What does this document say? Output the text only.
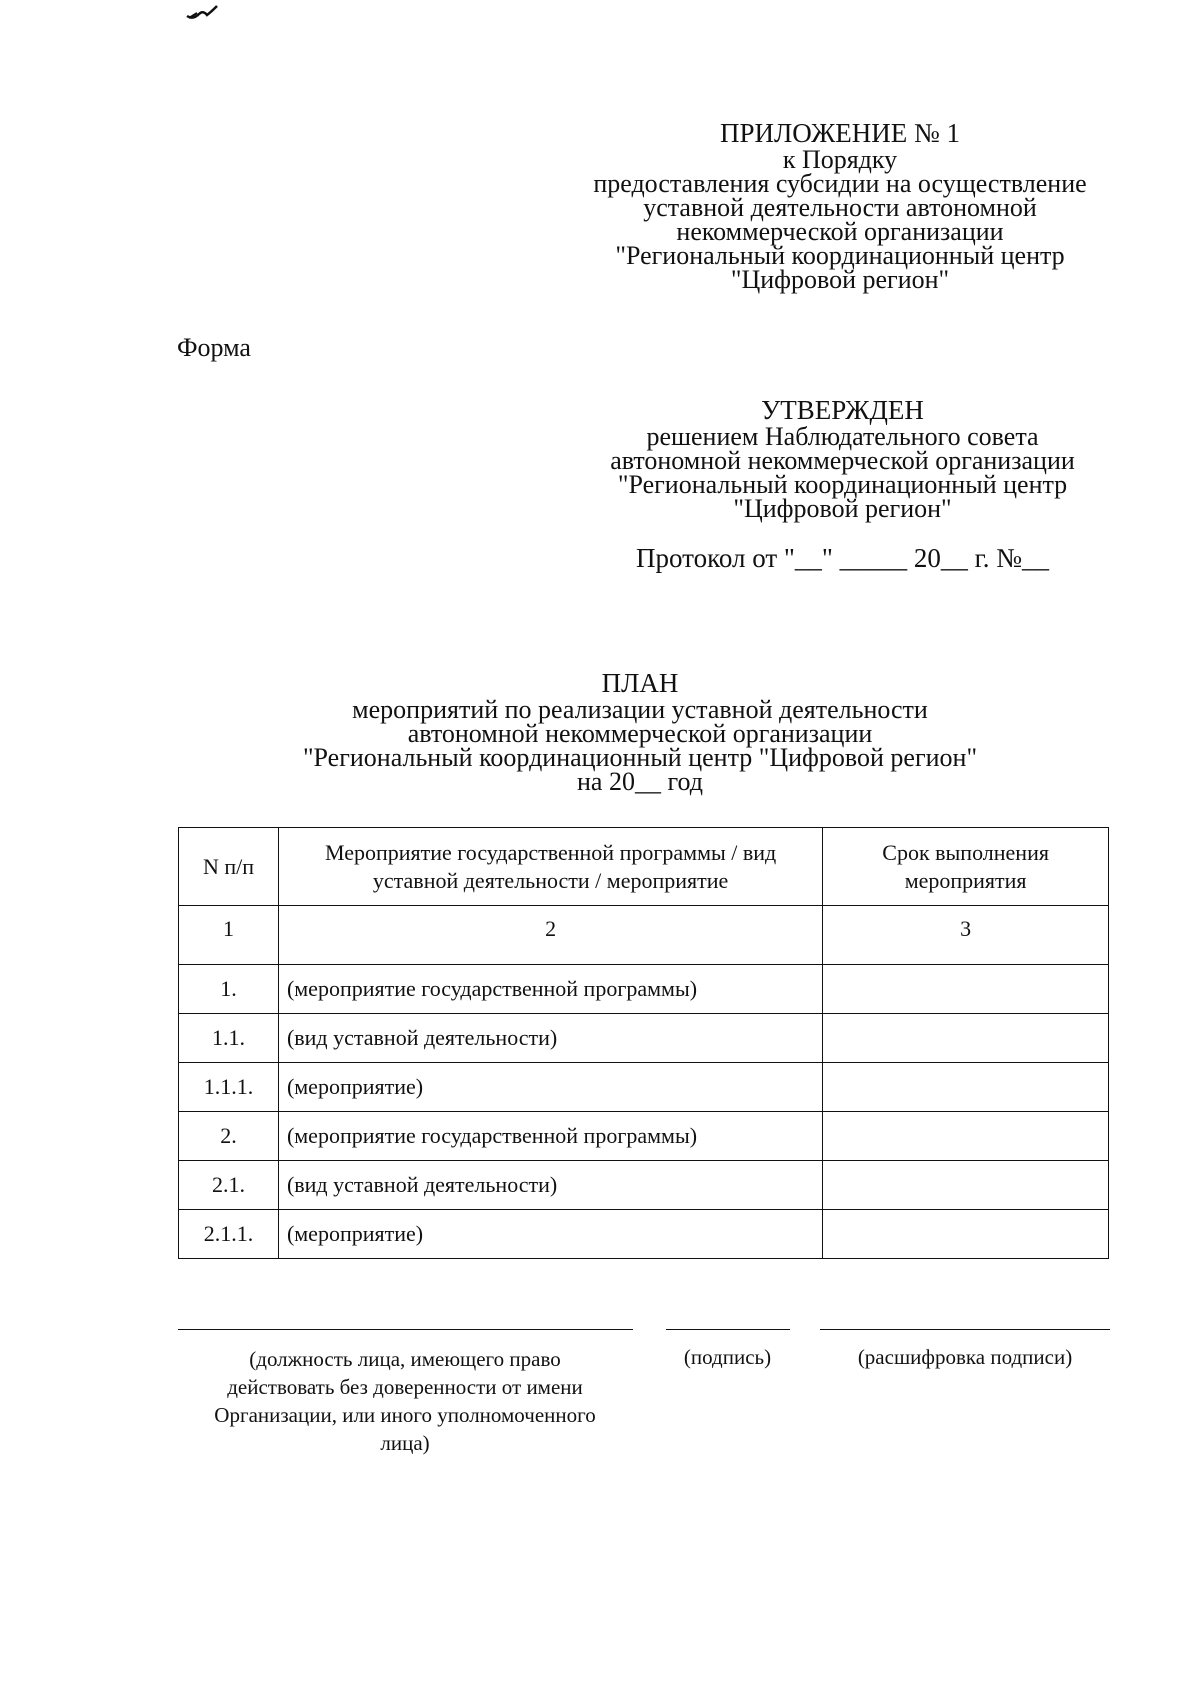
ПРИЛОЖЕНИЕ № 1
к Порядку
предоставления субсидии на осуществление
уставной деятельности автономной
некоммерческой организации
"Региональный координационный центр
"Цифровой регион"
Форма
УТВЕРЖДЕН
решением Наблюдательного совета
автономной некоммерческой организации
"Региональный координационный центр
"Цифровой регион"
Протокол от "__" _____ 20__ г. №__
ПЛАН
мероприятий по реализации уставной деятельности
автономной некоммерческой организации
"Региональный координационный центр "Цифровой регион"
на 20__ год
N п/п	Мероприятие государственной программы / вид уставной деятельности / мероприятие	Срок выполнения мероприятия
1	2	3
1.	(мероприятие государственной программы)	
1.1.	(вид уставной деятельности)	
1.1.1.	(мероприятие)	
2.	(мероприятие государственной программы)	
2.1.	(вид уставной деятельности)	
2.1.1.	(мероприятие)	
(должность лица, имеющего право действовать без доверенности от имени Организации, или иного уполномоченного лица)
(подпись)	(расшифровка подписи)
